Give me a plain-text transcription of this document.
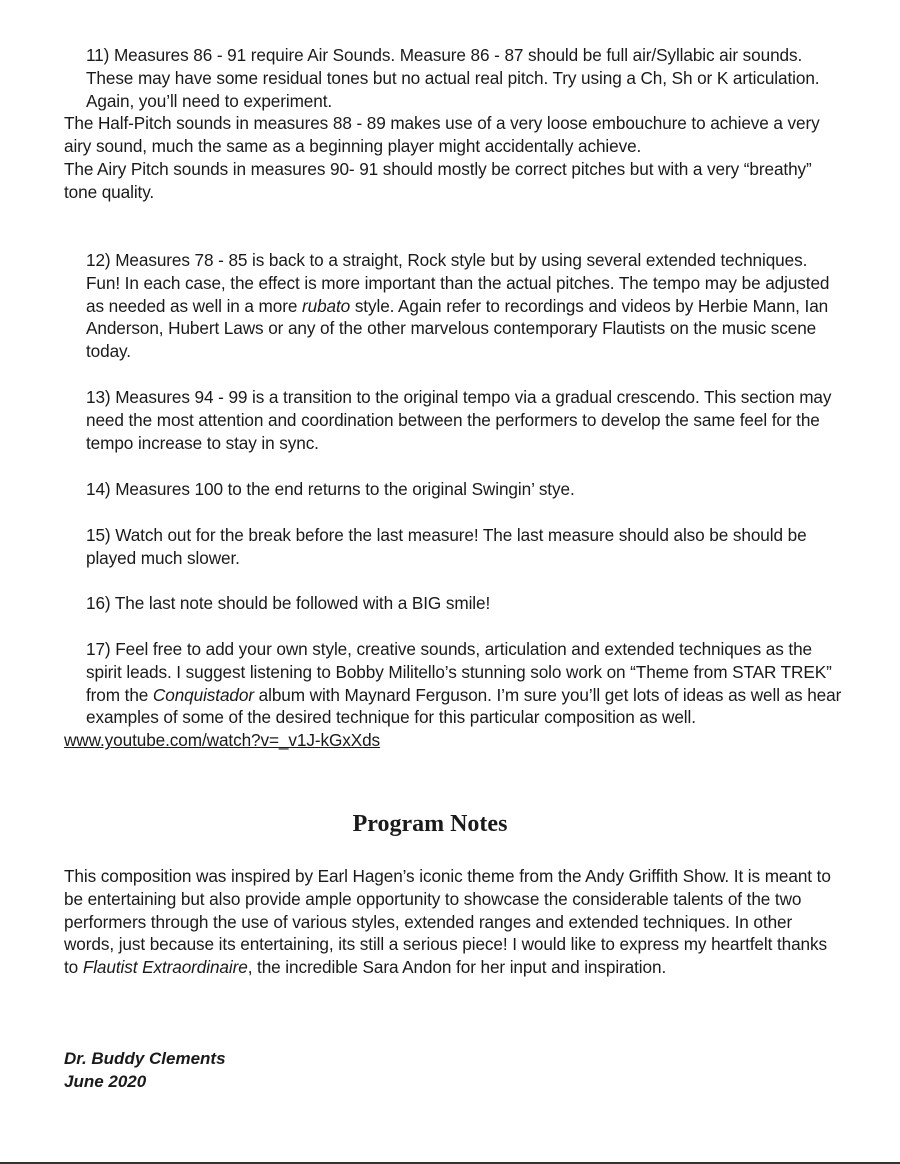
11) Measures 86 - 91 require Air Sounds. Measure 86 - 87 should be full air/Syllabic air sounds. These may have some residual tones but no actual real pitch. Try using a Ch, Sh or K articulation. Again, you’ll need to experiment.

The Half-Pitch sounds in measures 88 - 89 makes use of a very loose embouchure to achieve a very airy sound, much the same as a beginning player might accidentally achieve.

The Airy Pitch sounds in measures 90- 91 should mostly be correct pitches but with a very “breathy” tone quality.

12) Measures 78 - 85 is back to a straight, Rock style but by using several extended techniques. Fun! In each case, the effect is more important than the actual pitches. The tempo may be adjusted as needed as well in a more rubato style. Again refer to recordings and videos by Herbie Mann, Ian Anderson, Hubert Laws or any of the other marvelous contemporary Flautists on the music scene today.

13) Measures 94 - 99 is a transition to the original tempo via a gradual crescendo. This section may need the most attention and coordination between the performers to develop the same feel for the tempo increase to stay in sync.

14) Measures 100 to the end returns to the original Swingin’ stye.

15) Watch out for the break before the last measure! The last measure should also be should be played much slower.

16) The last note should be followed with a BIG smile!

17) Feel free to add your own style, creative sounds, articulation and extended techniques as the spirit leads. I suggest listening to Bobby Militello’s stunning solo work on “Theme from STAR TREK” from the Conquistador album with Maynard Ferguson. I’m sure you’ll get lots of ideas as well as hear examples of some of the desired technique for this particular composition as well.

www.youtube.com/watch?v=_v1J-kGxXds

Program Notes

This composition was inspired by Earl Hagen’s iconic theme from the Andy Griffith Show. It is meant to be entertaining but also provide ample opportunity to showcase the considerable talents of the two performers through the use of various styles, extended ranges and extended techniques. In other words, just because its entertaining, its still a serious piece! I would like to express my heartfelt thanks to Flautist Extraordinaire, the incredible Sara Andon for her input and inspiration.

Dr. Buddy Clements
June 2020
